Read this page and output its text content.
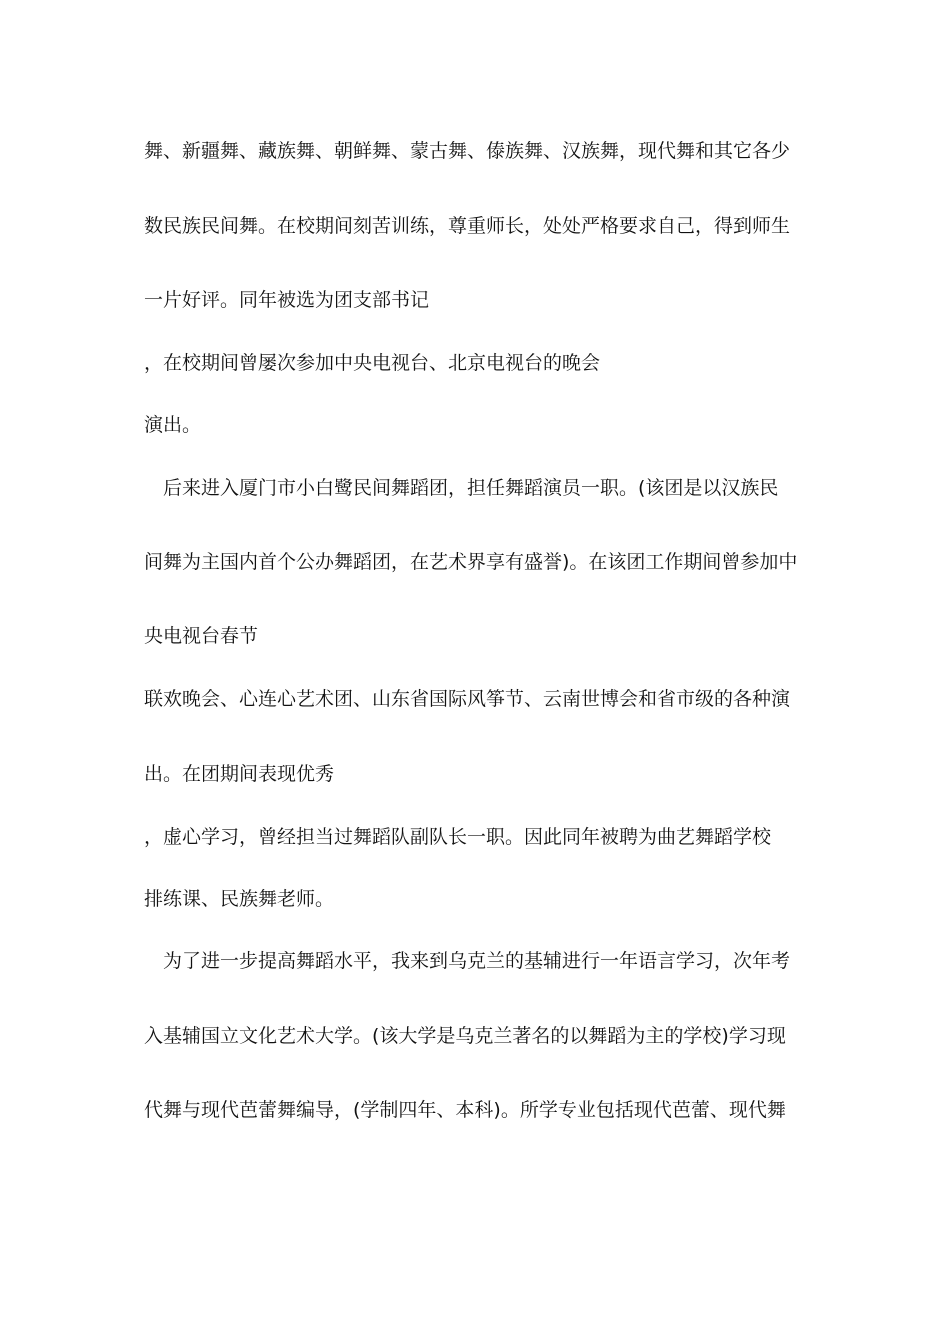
舞、新疆舞、藏族舞、朝鲜舞、蒙古舞、傣族舞、汉族舞，现代舞和其它各少

数民族民间舞。在校期间刻苦训练，尊重师长，处处严格要求自己，得到师生

一片好评。同年被选为团支部书记

，在校期间曾屡次参加中央电视台、北京电视台的晚会

演出。

　后来进入厦门市小白鹭民间舞蹈团，担任舞蹈演员一职。(该团是以汉族民

间舞为主国内首个公办舞蹈团，在艺术界享有盛誉)。在该团工作期间曾参加中

央电视台春节

联欢晚会、心连心艺术团、山东省国际风筝节、云南世博会和省市级的各种演

出。在团期间表现优秀

，虚心学习，曾经担当过舞蹈队副队长一职。因此同年被聘为曲艺舞蹈学校

排练课、民族舞老师。

　为了进一步提高舞蹈水平，我来到乌克兰的基辅进行一年语言学习，次年考

入基辅国立文化艺术大学。(该大学是乌克兰著名的以舞蹈为主的学校)学习现

代舞与现代芭蕾舞编导，(学制四年、本科)。所学专业包括现代芭蕾、现代舞
